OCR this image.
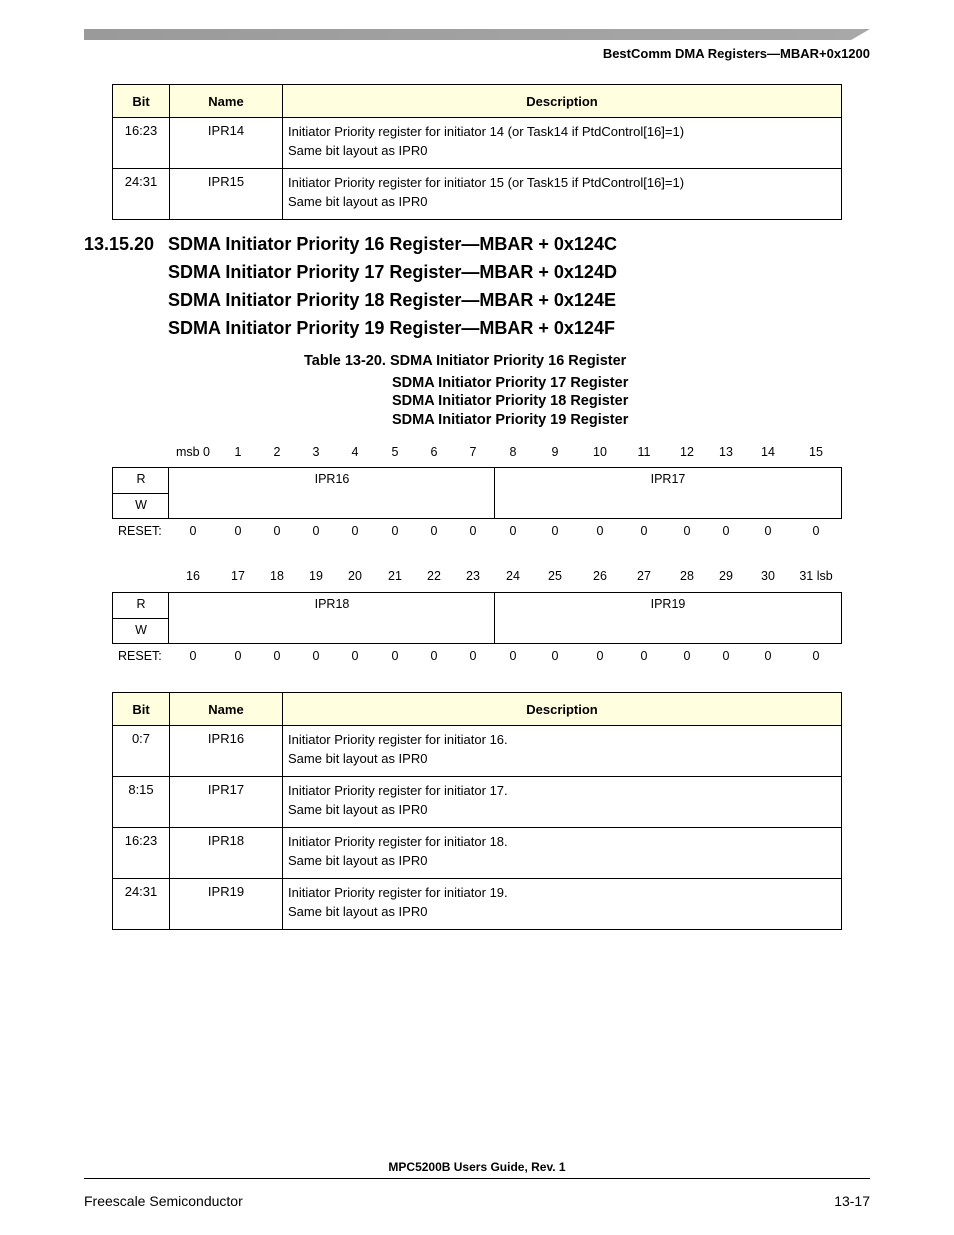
BestComm DMA Registers—MBAR+0x1200
Bit	Name	Description
16:23	IPR14	Initiator Priority register for initiator 14 (or Task14 if PtdControl[16]=1)
Same bit layout as IPR0

24:31	IPR15	Initiator Priority register for initiator 15 (or Task15 if PtdControl[16]=1)
Same bit layout as IPR0
13.15.20 SDMA Initiator Priority 16 Register—MBAR + 0x124C
SDMA Initiator Priority 17 Register—MBAR + 0x124D
SDMA Initiator Priority 18 Register—MBAR + 0x124E
SDMA Initiator Priority 19 Register—MBAR + 0x124F
Table 13-20. SDMA Initiator Priority 16 Register
SDMA Initiator Priority 17 Register
SDMA Initiator Priority 18 Register
SDMA Initiator Priority 19 Register
msb 0	1	2	3	4	5	6	7	8	9	10	11	12	13	14	15
R
W
IPR16	IPR17
RESET:	0	0	0	0	0	0	0	0	0	0	0	0	0	0	0	0
16	17	18	19	20	21	22	23	24	25	26	27	28	29	30	31 lsb
R
W
IPR18	IPR19
RESET:	0	0	0	0	0	0	0	0	0	0	0	0	0	0	0	0
Bit	Name	Description
0:7	IPR16	Initiator Priority register for initiator 16.
Same bit layout as IPR0

8:15	IPR17	Initiator Priority register for initiator 17.
Same bit layout as IPR0

16:23	IPR18	Initiator Priority register for initiator 18.
Same bit layout as IPR0

24:31	IPR19	Initiator Priority register for initiator 19.
Same bit layout as IPR0
MPC5200B Users Guide, Rev. 1
Freescale Semiconductor	13-17
